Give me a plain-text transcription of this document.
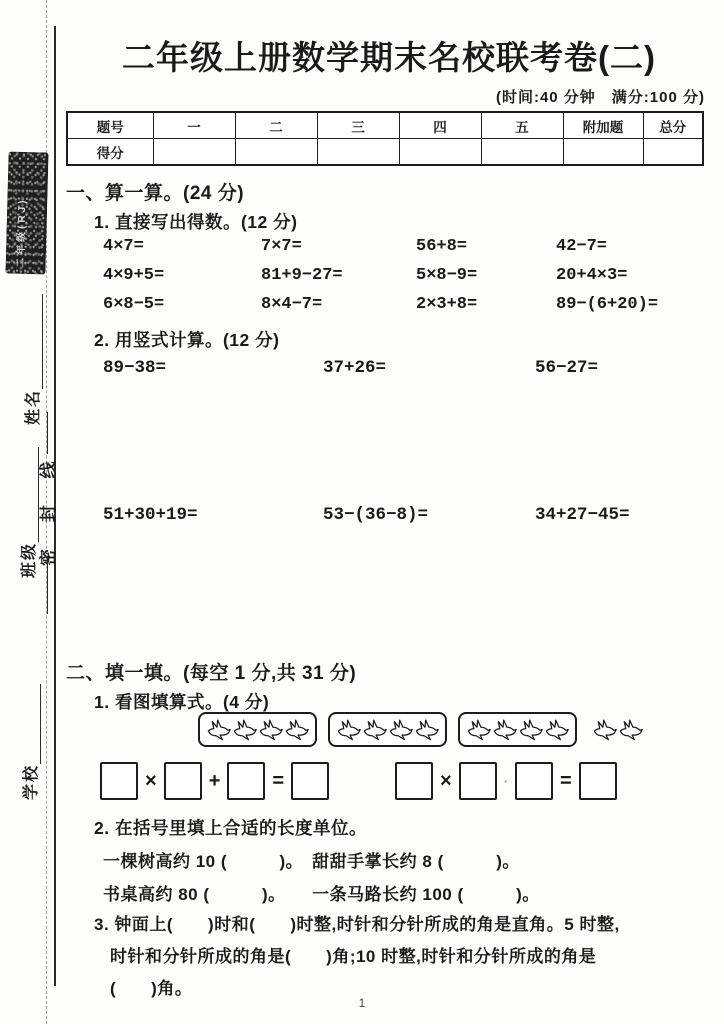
二年级(RJ)
姓名
班级
学校
密 封 线
二年级上册数学期末名校联考卷(二)
(时间:40 分钟　满分:100 分)
题号	一	二	三	四	五	附加题	总分
得分							
一、算一算。(24 分)
1. 直接写出得数。(12 分)
4×7=	7×7=	56+8=	42−7=
4×9+5=	81+9−27=	5×8−9=	20+4×3=
6×8−5=	8×4−7=	2×3+8=	89−(6+20)=
2. 用竖式计算。(12 分)
89−38=	37+26=	56−27=
51+30+19=	53−(36−8)=	34+27−45=
二、填一填。(每空 1 分,共 31 分)
1. 看图填算式。(4 分)
×	+	=	×	·	=
2. 在括号里填上合适的长度单位。
一棵树高约 10 (　　　)。　甜甜手掌长约 8 (　　　)。
书桌高约 80 (　　　)。　　一条马路长约 100 (　　　)。
3. 钟面上(　　)时和(　　)时整,时针和分针所成的角是直角。5 时整,
时针和分针所成的角是(　　)角;10 时整,时针和分针所成的角是
(　　)角。
1
